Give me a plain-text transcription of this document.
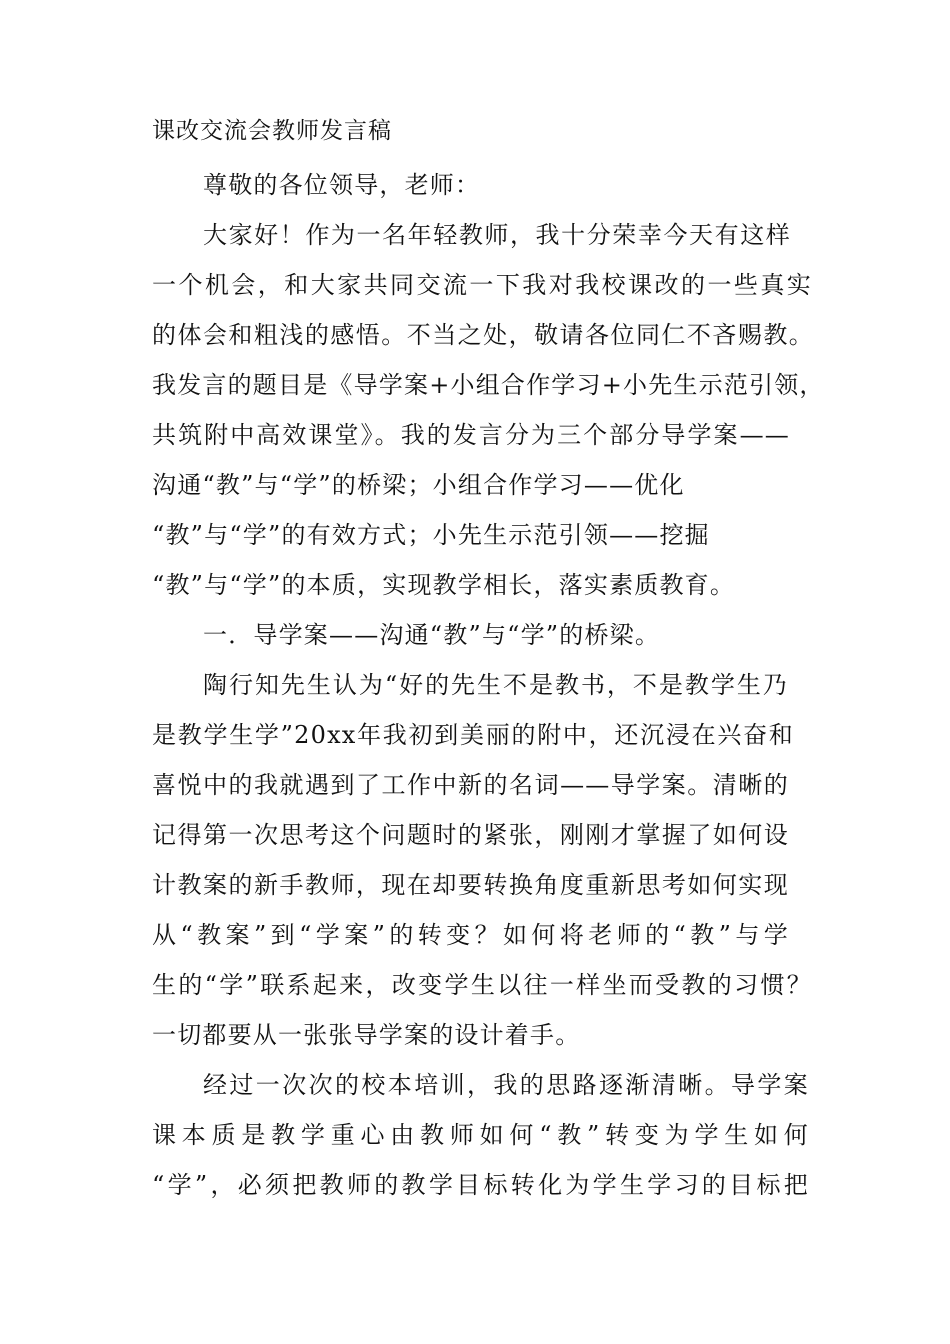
课改交流会教师发言稿
尊敬的各位领导，老师：
大家好！作为一名年轻教师，我十分荣幸今天有这样
一个机会，和大家共同交流一下我对我校课改的一些真实
的体会和粗浅的感悟。不当之处，敬请各位同仁不吝赐教。
我发言的题目是《导学案+小组合作学习+小先生示范引领，
共筑附中高效课堂》。我的发言分为三个部分导学案——
沟通“教”与“学”的桥梁；小组合作学习——优化
“教”与“学”的有效方式；小先生示范引领——挖掘
“教”与“学”的本质，实现教学相长，落实素质教育。
一．导学案——沟通“教”与“学”的桥梁。
陶行知先生认为“好的先生不是教书，不是教学生乃
是教学生学”20xx年我初到美丽的附中，还沉浸在兴奋和
喜悦中的我就遇到了工作中新的名词——导学案。清晰的
记得第一次思考这个问题时的紧张，刚刚才掌握了如何设
计教案的新手教师，现在却要转换角度重新思考如何实现
从“教案”到“学案”的转变？如何将老师的“教”与学
生的“学”联系起来，改变学生以往一样坐而受教的习惯？
一切都要从一张张导学案的设计着手。
经过一次次的校本培训，我的思路逐渐清晰。导学案
课本质是教学重心由教师如何“教”转变为学生如何
“学”，必须把教师的教学目标转化为学生学习的目标把
